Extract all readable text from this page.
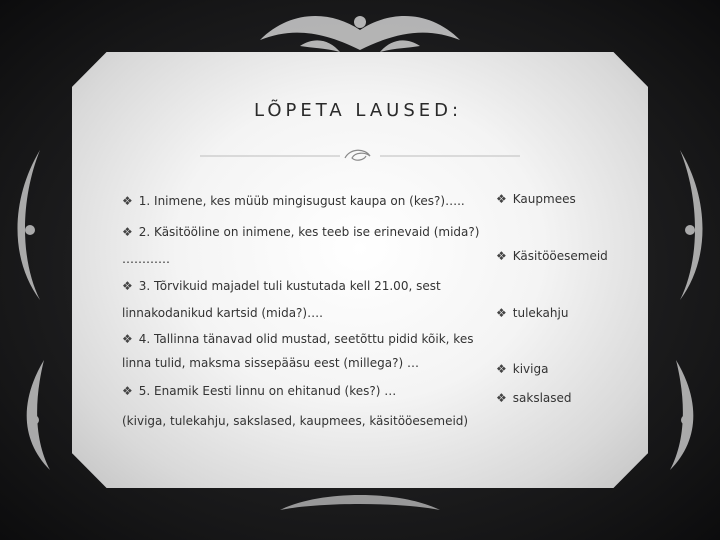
LÕPETA LAUSED:
❖ 1. Inimene, kes müüb mingisugust kaupa on (kes?)…..
❖ 2. Käsitööline on inimene, kes teeb ise erinevaid (mida?)
…………
❖ 3. Tõrvikuid majadel tuli kustutada kell 21.00, sest
linnakodanikud kartsid (mida?)….
❖ 4. Tallinna tänavad olid mustad, seetõttu pidid kõik, kes
linna tulid, maksma sissepääsu eest (millega?) …
❖ 5. Enamik Eesti linnu on ehitanud (kes?) …
(kiviga, tulekahju, sakslased, kaupmees, käsitööesemeid)
❖ Kaupmees
❖ Käsitööesemeid
❖ tulekahju
❖ kiviga
❖ sakslased
